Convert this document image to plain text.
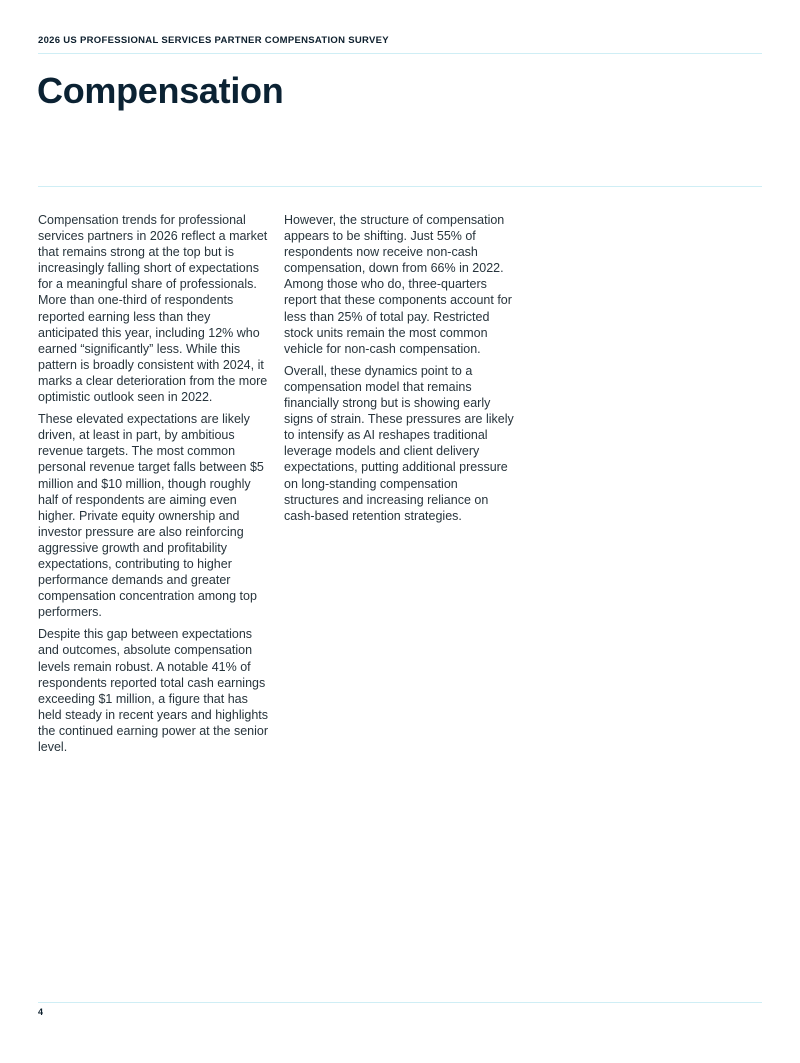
2026 US PROFESSIONAL SERVICES PARTNER COMPENSATION SURVEY
Compensation

Compensation trends for professional services partners in 2026 reflect a market that remains strong at the top but is increasingly falling short of expectations for a meaningful share of professionals. More than one-third of respondents reported earning less than they anticipated this year, including 12% who earned “significantly” less. While this pattern is broadly consistent with 2024, it marks a clear deterioration from the more optimistic outlook seen in 2022.

These elevated expectations are likely driven, at least in part, by ambitious revenue targets. The most common personal revenue target falls between $5 million and $10 million, though roughly half of respondents are aiming even higher. Private equity ownership and investor pressure are also reinforcing aggressive growth and profitability expectations, contributing to higher performance demands and greater compensation concentration among top performers.

Despite this gap between expectations and outcomes, absolute compensation levels remain robust. A notable 41% of respondents reported total cash earnings exceeding $1 million, a figure that has held steady in recent years and highlights the continued earning power at the senior level.

However, the structure of compensation appears to be shifting. Just 55% of respondents now receive non-cash compensation, down from 66% in 2022. Among those who do, three-quarters report that these components account for less than 25% of total pay. Restricted stock units remain the most common vehicle for non-cash compensation.

Overall, these dynamics point to a compensation model that remains financially strong but is showing early signs of strain. These pressures are likely to intensify as AI reshapes traditional leverage models and client delivery expectations, putting additional pressure on long-standing compensation structures and increasing reliance on cash-based retention strategies.

4
